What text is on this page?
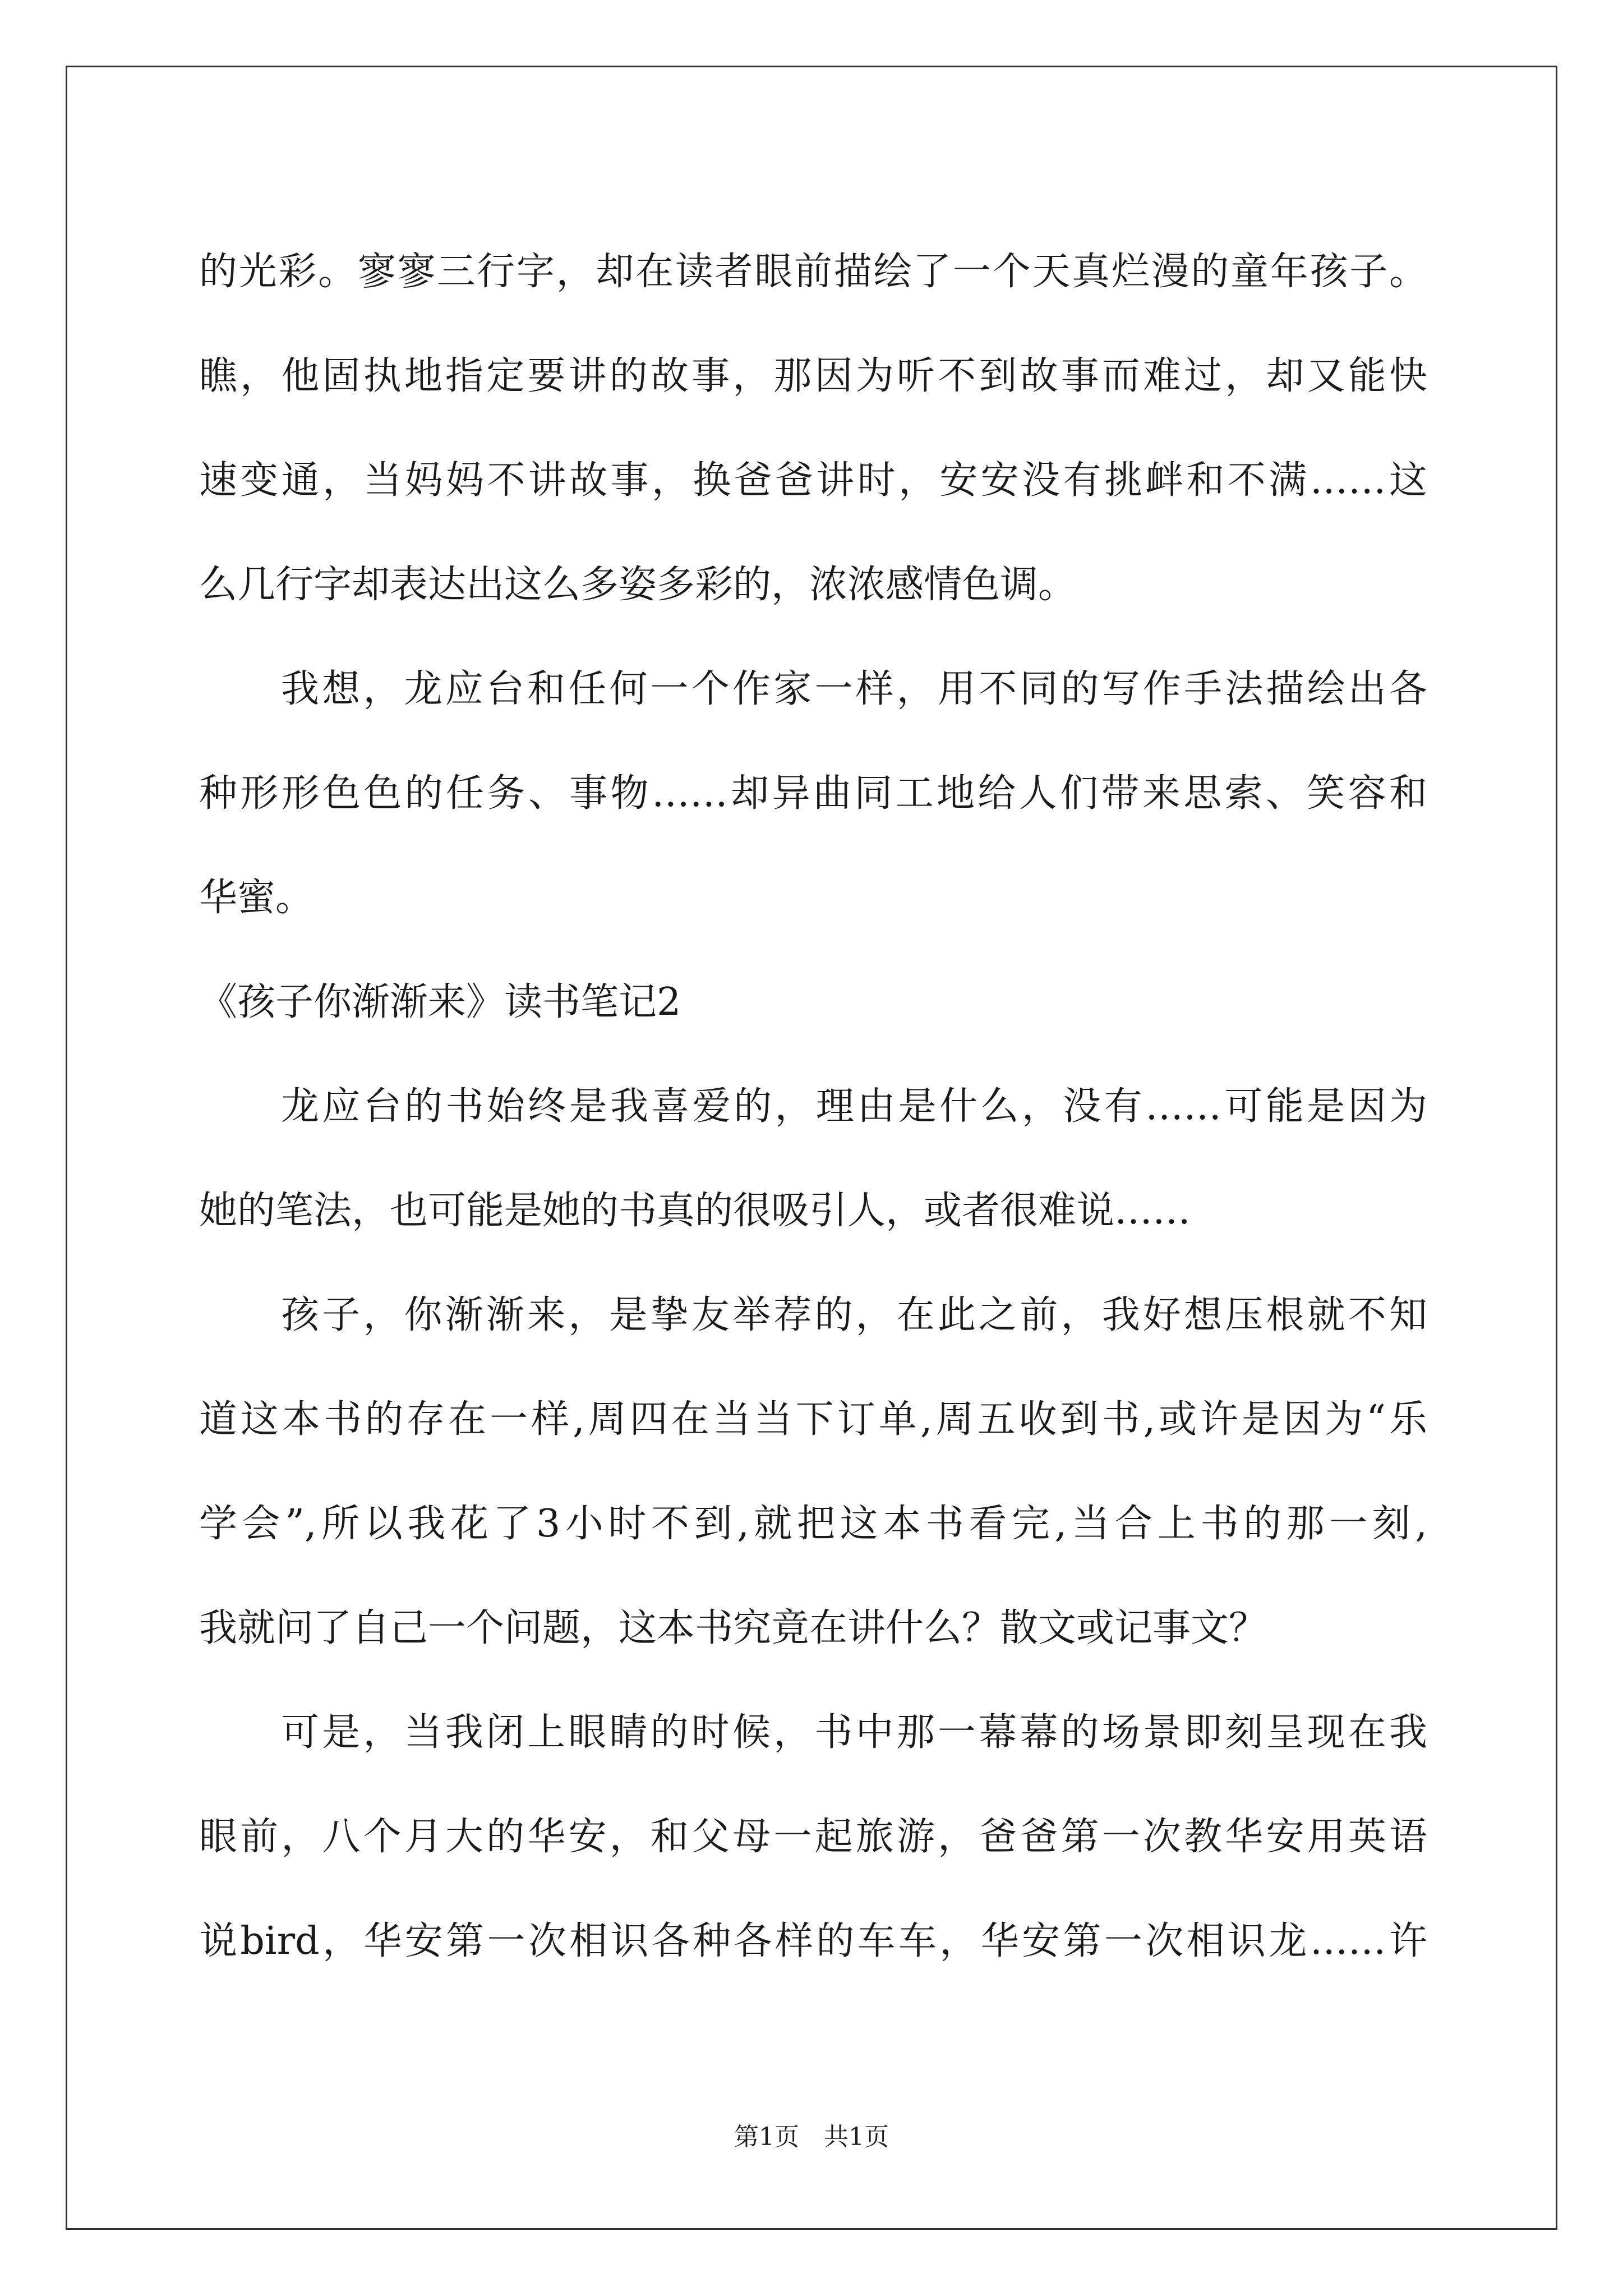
的光彩。寥寥三行字，却在读者眼前描绘了一个天真烂漫的童年孩子。
瞧，他固执地指定要讲的故事，那因为听不到故事而难过，却又能快
速变通，当妈妈不讲故事，换爸爸讲时，安安没有挑衅和不满……这
么几行字却表达出这么多姿多彩的，浓浓感情色调。
我想，龙应台和任何一个作家一样，用不同的写作手法描绘出各
种形形色色的任务、事物……却异曲同工地给人们带来思索、笑容和
华蜜。
《孩子你渐渐来》读书笔记2
龙应台的书始终是我喜爱的，理由是什么，没有……可能是因为
她的笔法，也可能是她的书真的很吸引人，或者很难说……
孩子，你渐渐来，是挚友举荐的，在此之前，我好想压根就不知
道这本书的存在一样,周四在当当下订单,周五收到书,或许是因为“乐
学会”,所以我花了3小时不到,就把这本书看完,当合上书的那一刻,
我就问了自己一个问题，这本书究竟在讲什么？散文或记事文？
可是，当我闭上眼睛的时候，书中那一幕幕的场景即刻呈现在我
眼前，八个月大的华安，和父母一起旅游，爸爸第一次教华安用英语
说bird，华安第一次相识各种各样的车车，华安第一次相识龙……许
第1页 共1页
